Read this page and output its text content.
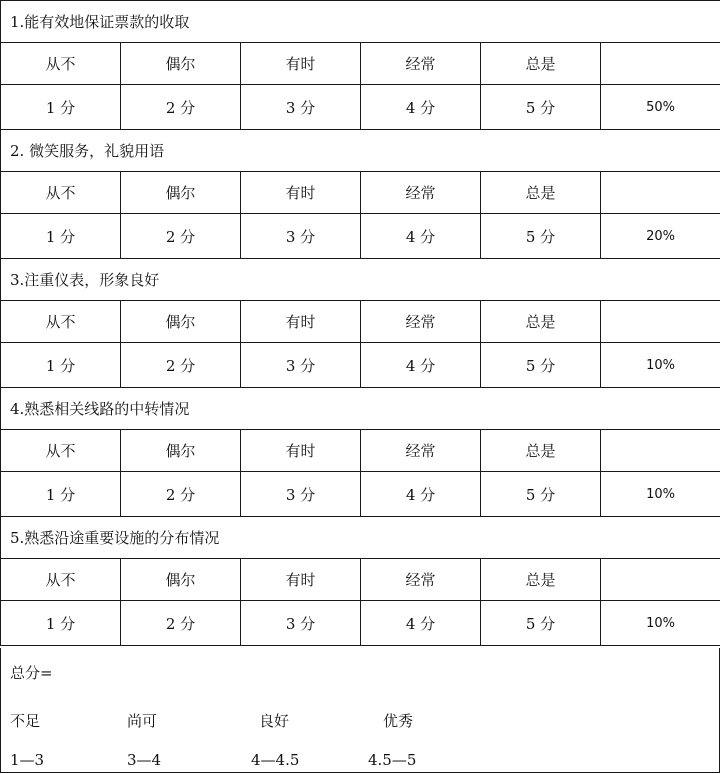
1.能有效地保证票款的收取					
从不	偶尔	有时	经常	总是	
1 分	2 分	3 分	4 分	5 分	50%
2. 微笑服务，礼貌用语					
从不	偶尔	有时	经常	总是	
1 分	2 分	3 分	4 分	5 分	20%
3.注重仪表，形象良好					
从不	偶尔	有时	经常	总是	
1 分	2 分	3 分	4 分	5 分	10%
4.熟悉相关线路的中转情况					
从不	偶尔	有时	经常	总是	
1 分	2 分	3 分	4 分	5 分	10%
5.熟悉沿途重要设施的分布情况					
从不	偶尔	有时	经常	总是	
1 分	2 分	3 分	4 分	5 分	10%
总分=
不足	尚可	良好	优秀
1—3	3—4	4—4.5	4.5—5
